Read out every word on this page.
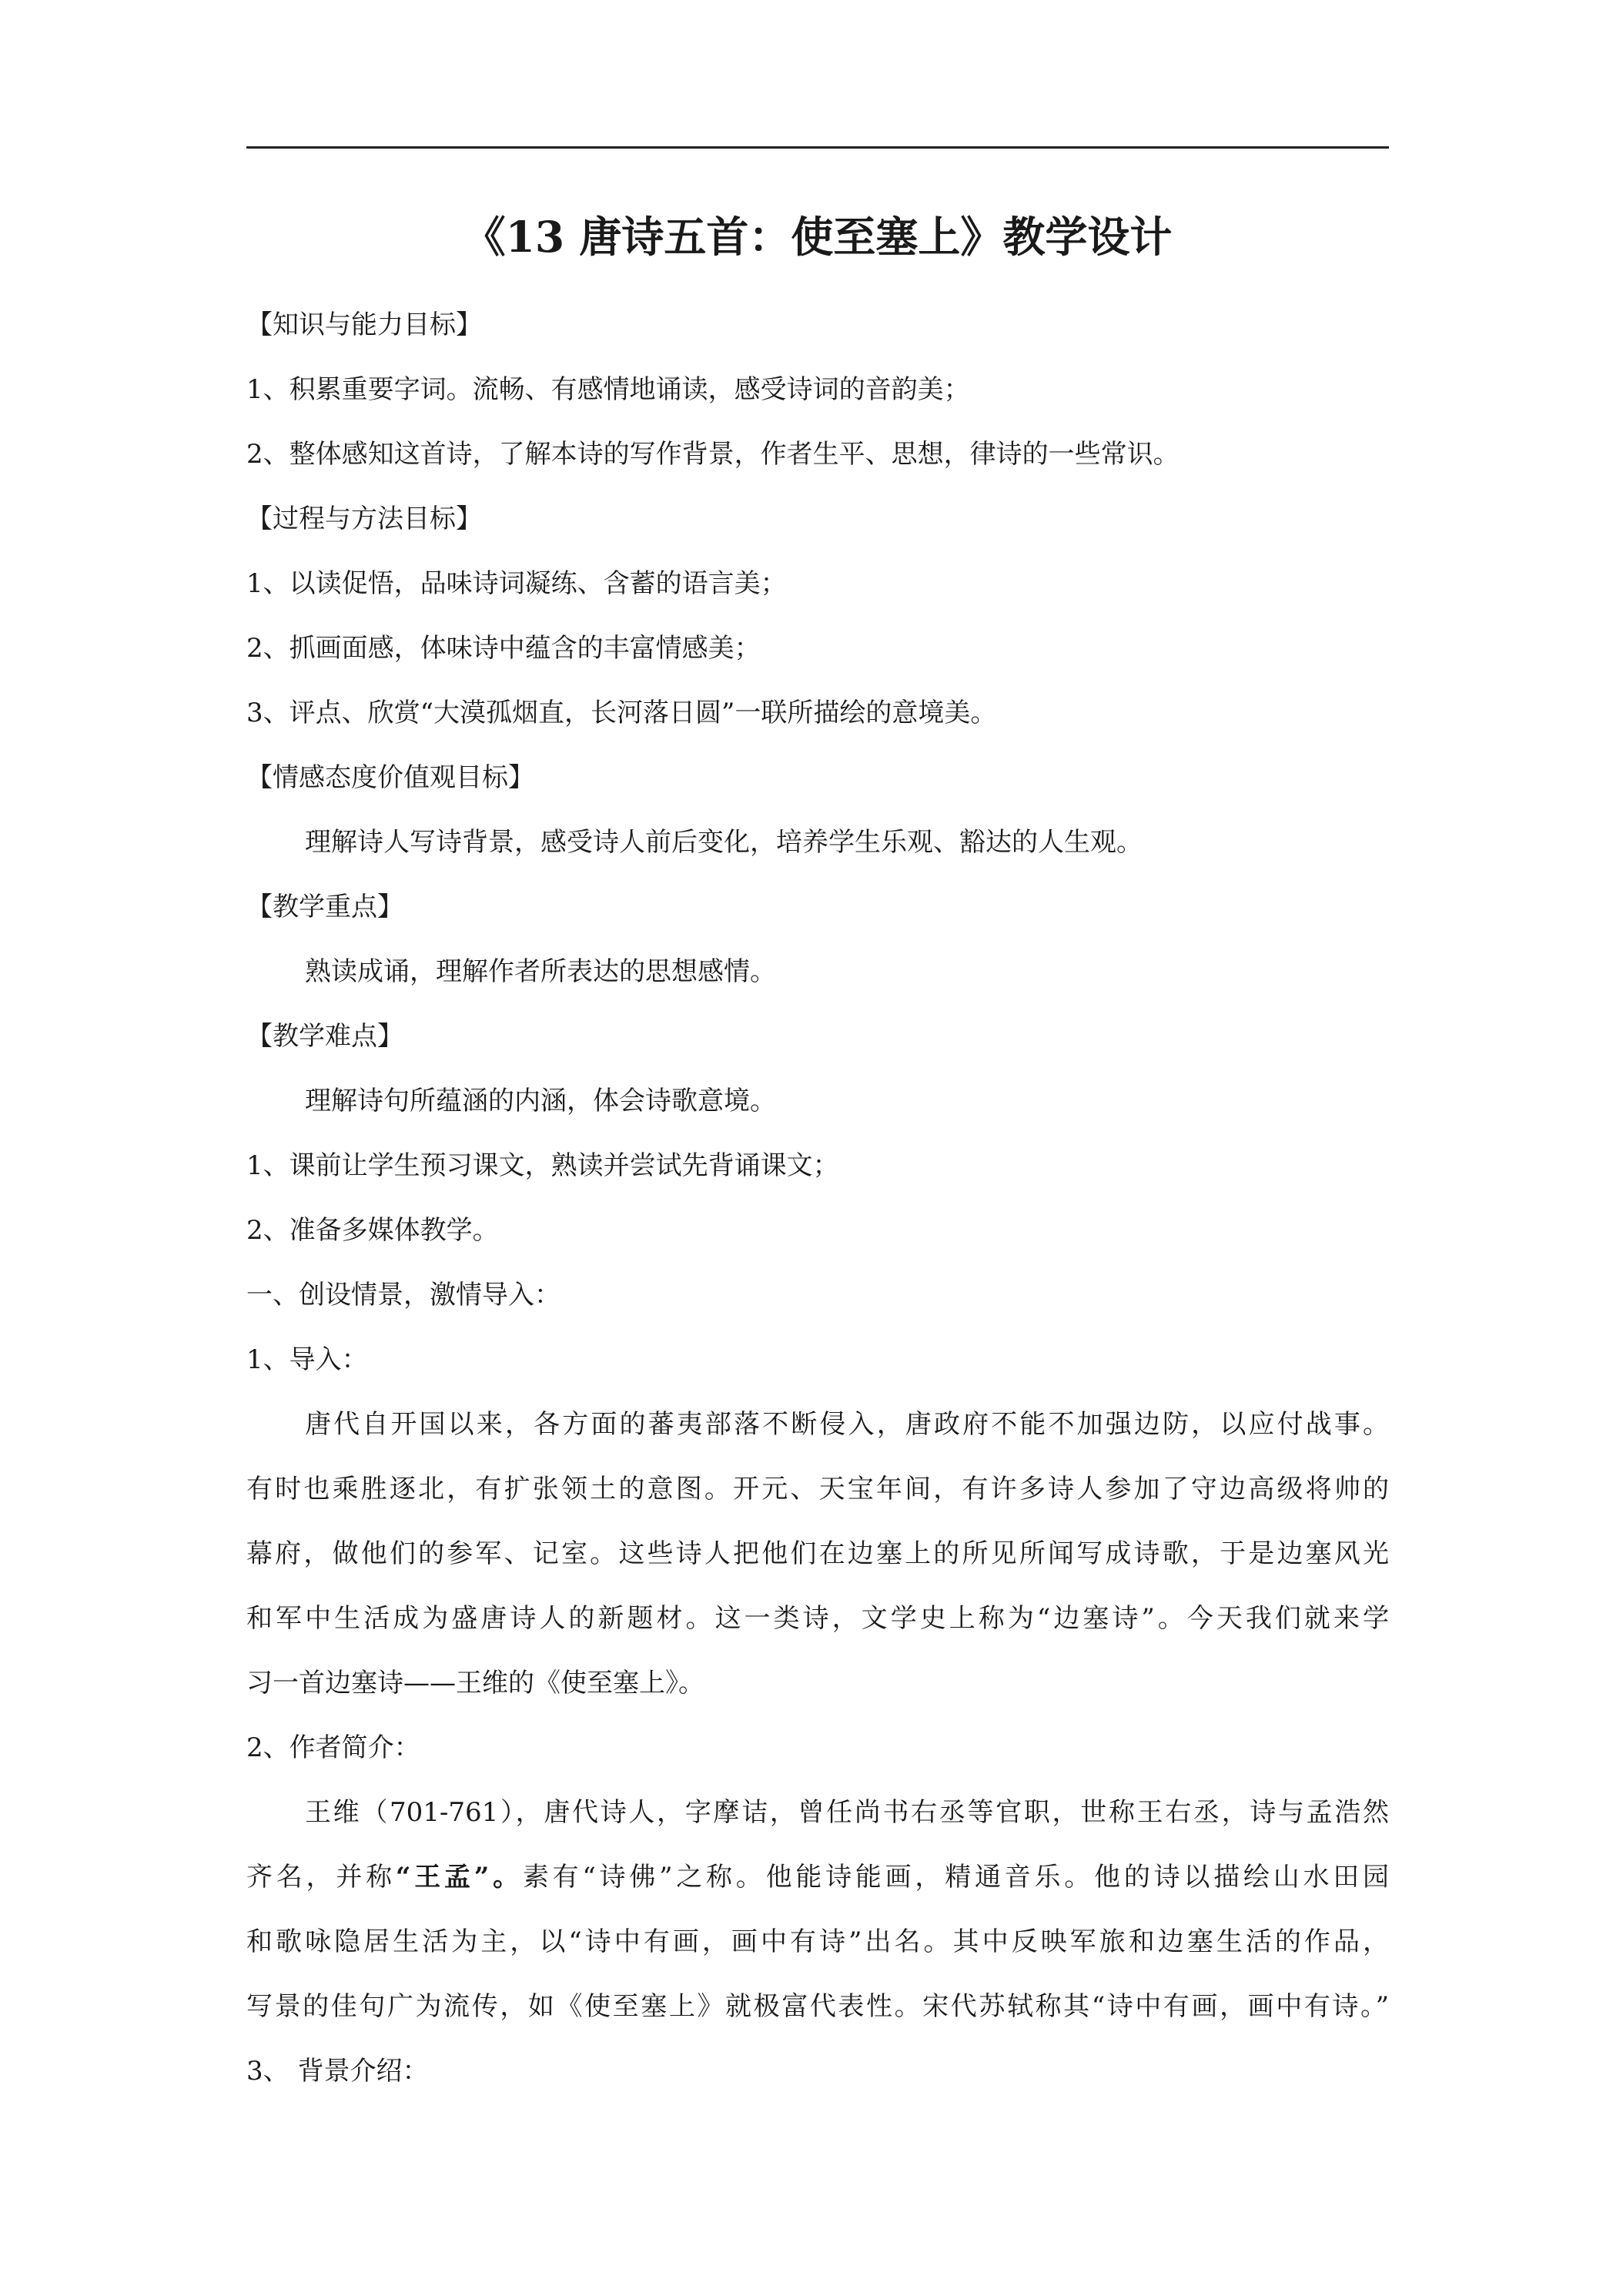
《13 唐诗五首：使至塞上》教学设计
【知识与能力目标】
1、积累重要字词。流畅、有感情地诵读，感受诗词的音韵美；
2、整体感知这首诗，了解本诗的写作背景，作者生平、思想，律诗的一些常识。
【过程与方法目标】
1、以读促悟，品味诗词凝练、含蓄的语言美；
2、抓画面感，体味诗中蕴含的丰富情感美；
3、评点、欣赏“大漠孤烟直，长河落日圆”一联所描绘的意境美。
【情感态度价值观目标】
理解诗人写诗背景，感受诗人前后变化，培养学生乐观、豁达的人生观。
【教学重点】
熟读成诵，理解作者所表达的思想感情。
【教学难点】
理解诗句所蕴涵的内涵，体会诗歌意境。
1、课前让学生预习课文，熟读并尝试先背诵课文；
2、准备多媒体教学。
一、创设情景，激情导入：
1、导入：
唐代自开国以来，各方面的蕃夷部落不断侵入，唐政府不能不加强边防，以应付战事。
有时也乘胜逐北，有扩张领土的意图。开元、天宝年间，有许多诗人参加了守边高级将帅的
幕府，做他们的参军、记室。这些诗人把他们在边塞上的所见所闻写成诗歌，于是边塞风光
和军中生活成为盛唐诗人的新题材。这一类诗，文学史上称为“边塞诗”。今天我们就来学
习一首边塞诗——王维的《使至塞上》。
2、作者简介：
王维（701-761），唐代诗人，字摩诘，曾任尚书右丞等官职，世称王右丞，诗与孟浩然
齐名，并称“王孟”。素有“诗佛”之称。他能诗能画，精通音乐。他的诗以描绘山水田园
和歌咏隐居生活为主，以“诗中有画，画中有诗”出名。其中反映军旅和边塞生活的作品，
写景的佳句广为流传，如《使至塞上》就极富代表性。宋代苏轼称其“诗中有画，画中有诗。”
3、 背景介绍：
